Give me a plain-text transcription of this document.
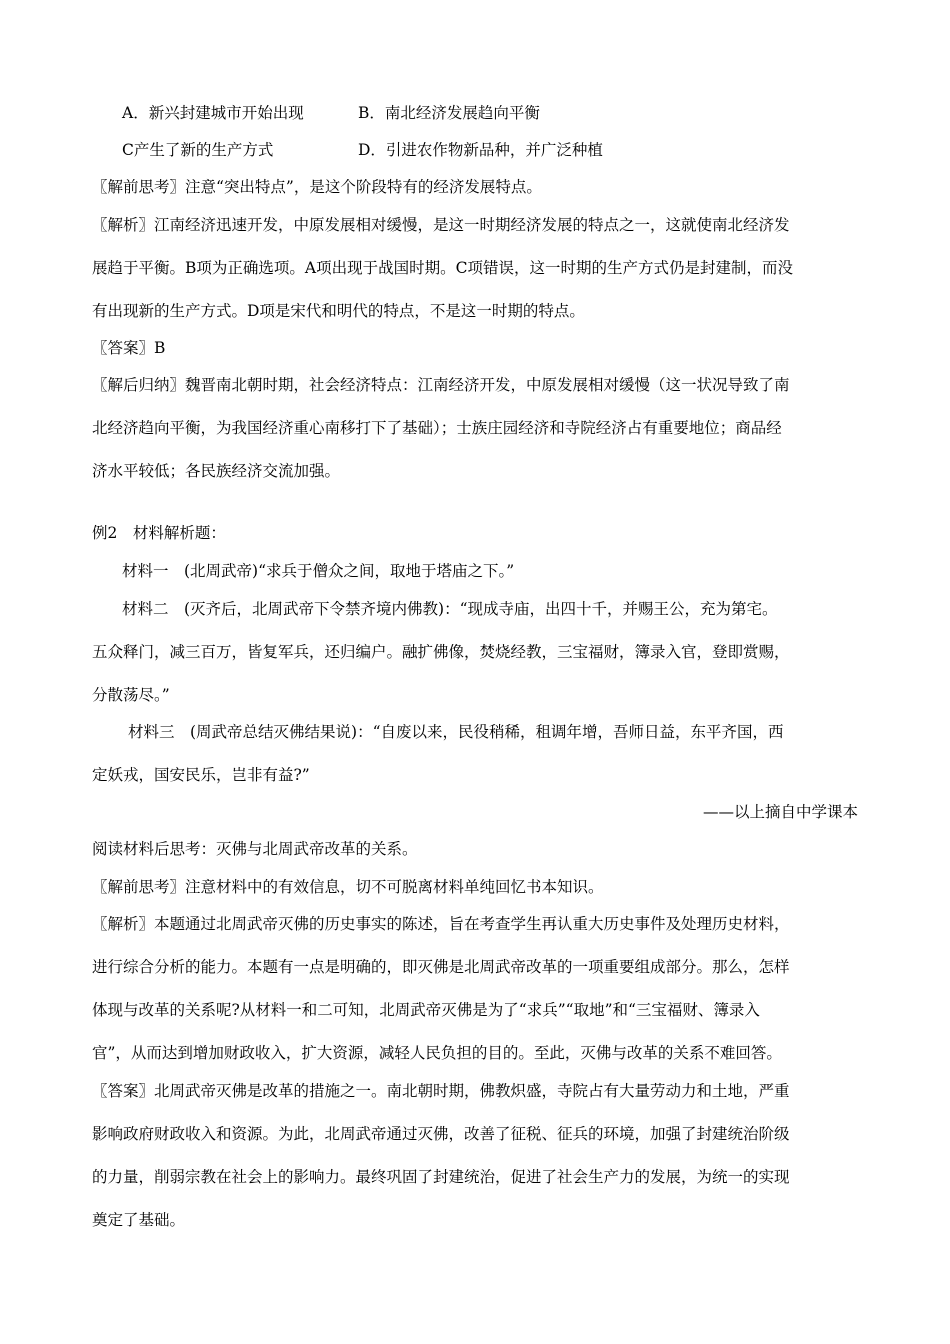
A．新兴封建城市开始出现	B．南北经济发展趋向平衡
C产生了新的生产方式	D．引进农作物新品种，并广泛种植
〖解前思考〗注意“突出特点”，是这个阶段特有的经济发展特点。
〖解析〗江南经济迅速开发，中原发展相对缓慢，是这一时期经济发展的特点之一，这就使南北经济发
展趋于平衡。B项为正确选项。A项出现于战国时期。C项错误，这一时期的生产方式仍是封建制，而没
有出现新的生产方式。D项是宋代和明代的特点，不是这一时期的特点。
〖答案〗B
〖解后归纳〗魏晋南北朝时期，社会经济特点：江南经济开发，中原发展相对缓慢（这一状况导致了南
北经济趋向平衡，为我国经济重心南移打下了基础）；士族庄园经济和寺院经济占有重要地位；商品经
济水平较低；各民族经济交流加强。
例2　材料解析题：
材料一　(北周武帝)“求兵于僧众之间，取地于塔庙之下。”
材料二　(灭齐后，北周武帝下令禁齐境内佛教)：“现成寺庙，出四十千，并赐王公，充为第宅。
五众释门，减三百万，皆复军兵，还归编户。融扩佛像，焚烧经教，三宝福财，簿录入官，登即赏赐，
分散荡尽。”
材料三　(周武帝总结灭佛结果说)：“自废以来，民役稍稀，租调年增，吾师日益，东平齐国，西
定妖戎，国安民乐，岂非有益?”
——以上摘自中学课本
阅读材料后思考：灭佛与北周武帝改革的关系。
〖解前思考〗注意材料中的有效信息，切不可脱离材料单纯回忆书本知识。
〖解析〗本题通过北周武帝灭佛的历史事实的陈述，旨在考查学生再认重大历史事件及处理历史材料，
进行综合分析的能力。本题有一点是明确的，即灭佛是北周武帝改革的一项重要组成部分。那么，怎样
体现与改革的关系呢?从材料一和二可知，北周武帝灭佛是为了“求兵”“取地”和“三宝福财、簿录入
官”，从而达到增加财政收入，扩大资源，减轻人民负担的目的。至此，灭佛与改革的关系不难回答。
〖答案〗北周武帝灭佛是改革的措施之一。南北朝时期，佛教炽盛，寺院占有大量劳动力和土地，严重
影响政府财政收入和资源。为此，北周武帝通过灭佛，改善了征税、征兵的环境，加强了封建统治阶级
的力量，削弱宗教在社会上的影响力。最终巩固了封建统治，促进了社会生产力的发展，为统一的实现
奠定了基础。
